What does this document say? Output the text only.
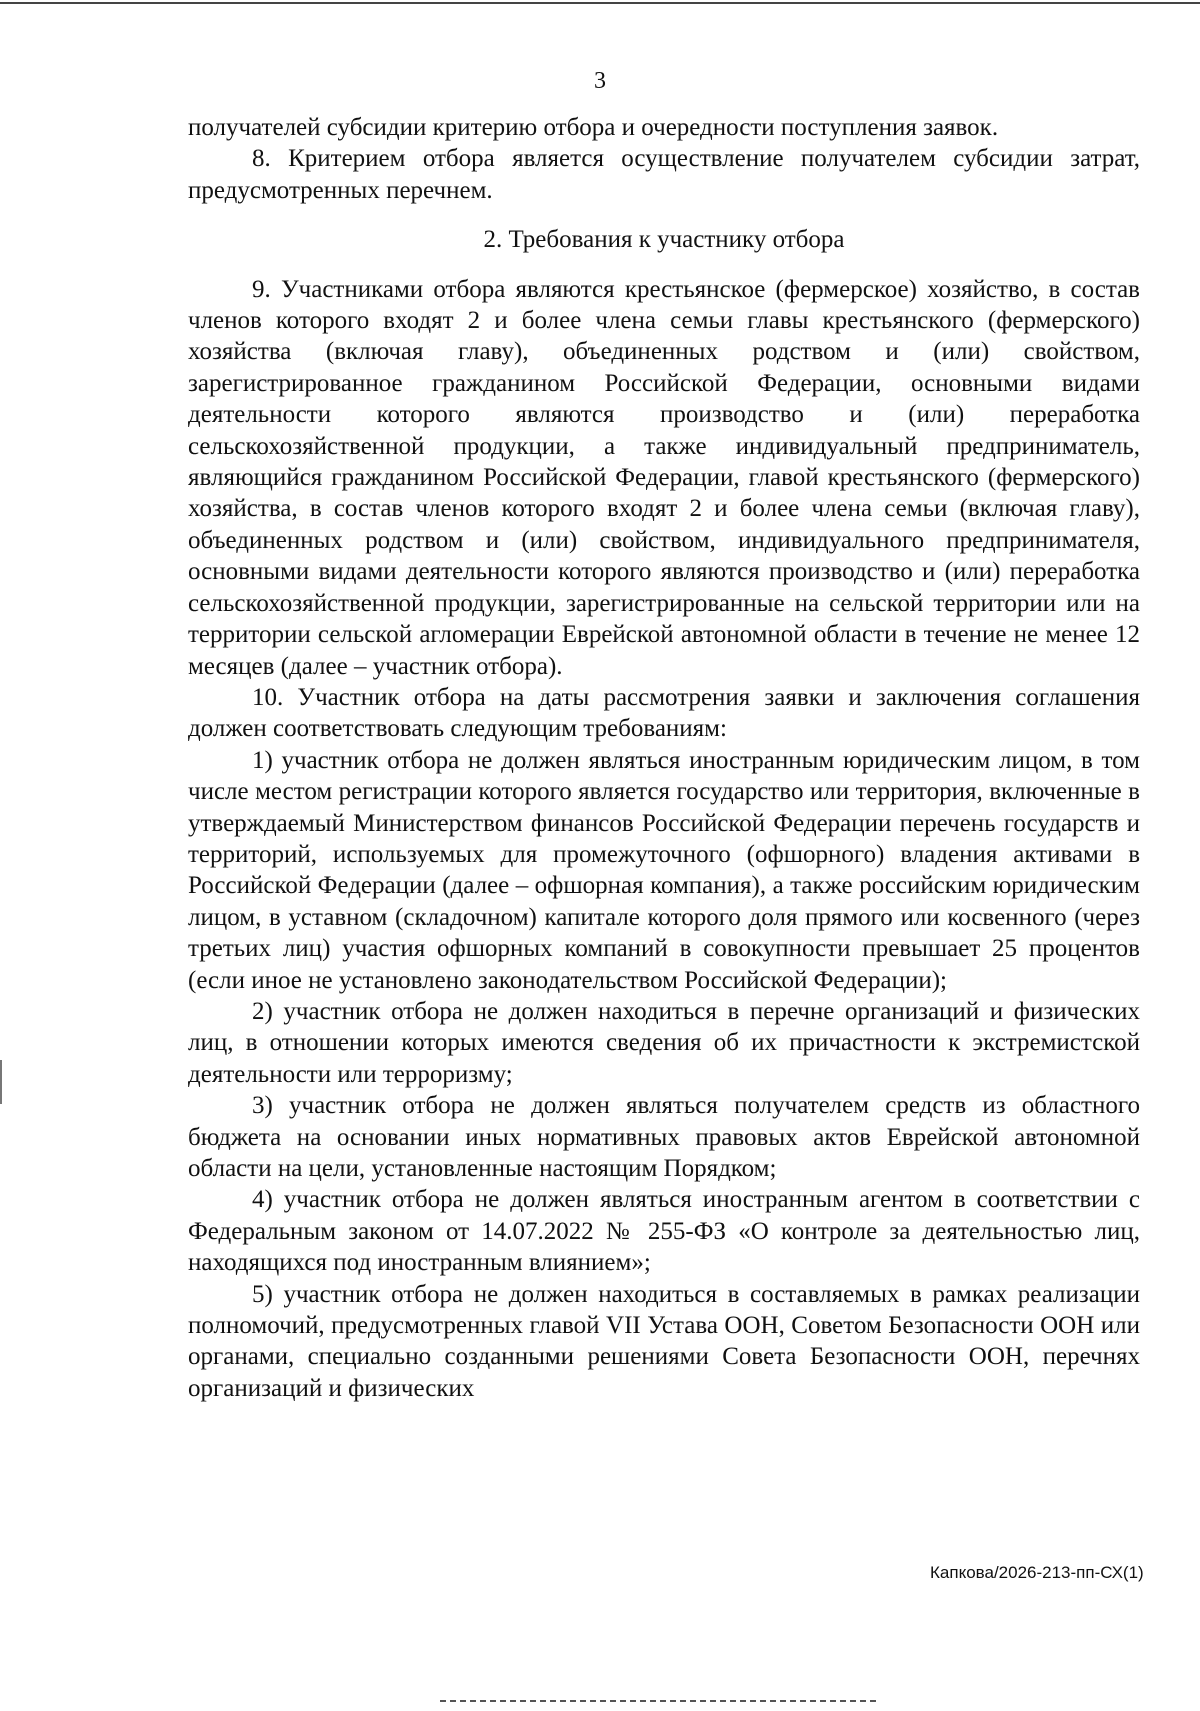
3

получателей субсидии критерию отбора и очередности поступления заявок.

8. Критерием отбора является осуществление получателем субсидии затрат, предусмотренных перечнем.

2. Требования к участнику отбора

9. Участниками отбора являются крестьянское (фермерское) хозяйство, в состав членов которого входят 2 и более члена семьи главы крестьянского (фермерского) хозяйства (включая главу), объединенных родством и (или) свойством, зарегистрированное гражданином Российской Федерации, основными видами деятельности которого являются производство и (или) переработка сельскохозяйственной продукции, а также индивидуальный предприниматель, являющийся гражданином Российской Федерации, главой крестьянского (фермерского) хозяйства, в состав членов которого входят 2 и более члена семьи (включая главу), объединенных родством и (или) свойством, индивидуального предпринимателя, основными видами деятельности которого являются производство и (или) переработка сельскохозяйственной продукции, зарегистрированные на сельской территории или на территории сельской агломерации Еврейской автономной области в течение не менее 12 месяцев (далее – участник отбора).

10. Участник отбора на даты рассмотрения заявки и заключения соглашения должен соответствовать следующим требованиям:

1) участник отбора не должен являться иностранным юридическим лицом, в том числе местом регистрации которого является государство или территория, включенные в утверждаемый Министерством финансов Российской Федерации перечень государств и территорий, используемых для промежуточного (офшорного) владения активами в Российской Федерации (далее – офшорная компания), а также российским юридическим лицом, в уставном (складочном) капитале которого доля прямого или косвенного (через третьих лиц) участия офшорных компаний в совокупности превышает 25 процентов (если иное не установлено законодательством Российской Федерации);

2) участник отбора не должен находиться в перечне организаций и физических лиц, в отношении которых имеются сведения об их причастности к экстремистской деятельности или терроризму;

3) участник отбора не должен являться получателем средств из областного бюджета на основании иных нормативных правовых актов Еврейской автономной области на цели, установленные настоящим Порядком;

4) участник отбора не должен являться иностранным агентом в соответствии с Федеральным законом от 14.07.2022 № 255-ФЗ «О контроле за деятельностью лиц, находящихся под иностранным влиянием»;

5) участник отбора не должен находиться в составляемых в рамках реализации полномочий, предусмотренных главой VII Устава ООН, Советом Безопасности ООН или органами, специально созданными решениями Совета Безопасности ООН, перечнях организаций и физических

Капкова/2026-213-пп-СХ(1)
